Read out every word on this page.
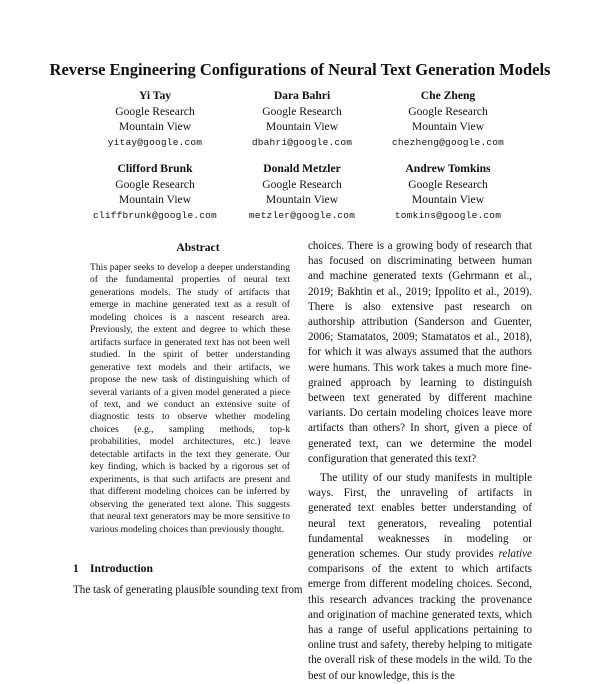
Reverse Engineering Configurations of Neural Text Generation Models
Yi Tay
Google Research
Mountain View
yitay@google.com
Dara Bahri
Google Research
Mountain View
dbahri@google.com
Che Zheng
Google Research
Mountain View
chezheng@google.com
Clifford Brunk
Google Research
Mountain View
cliffbrunk@google.com
Donald Metzler
Google Research
Mountain View
metzler@google.com
Andrew Tomkins
Google Research
Mountain View
tomkins@google.com
Abstract
This paper seeks to develop a deeper understanding of the fundamental properties of neural text generations models. The study of artifacts that emerge in machine generated text as a result of modeling choices is a nascent research area. Previously, the extent and degree to which these artifacts surface in generated text has not been well studied. In the spirit of better understanding generative text models and their artifacts, we propose the new task of distinguishing which of several variants of a given model generated a piece of text, and we conduct an extensive suite of diagnostic tests to observe whether modeling choices (e.g., sampling methods, top-k probabilities, model architectures, etc.) leave detectable artifacts in the text they generate. Our key finding, which is backed by a rigorous set of experiments, is that such artifacts are present and that different modeling choices can be inferred by observing the generated text alone. This suggests that neural text generators may be more sensitive to various modeling choices than previously thought.
1 Introduction
The task of generating plausible sounding text from

choices. There is a growing body of research that has focused on discriminating between human and machine generated texts (Gehrmann et al., 2019; Bakhtin et al., 2019; Ippolito et al., 2019). There is also extensive past research on authorship attribution (Sanderson and Guenter, 2006; Stamatatos, 2009; Stamatatos et al., 2018), for which it was always assumed that the authors were humans. This work takes a much more fine-grained approach by learning to distinguish between text generated by different machine variants. Do certain modeling choices leave more artifacts than others? In short, given a piece of generated text, can we determine the model configuration that generated this text?

The utility of our study manifests in multiple ways. First, the unraveling of artifacts in generated text enables better understanding of neural text generators, revealing potential fundamental weaknesses in modeling or generation schemes. Our study provides relative comparisons of the extent to which artifacts emerge from different modeling choices. Second, this research advances tracking the provenance and origination of machine generated texts, which has a range of useful applications pertaining to online trust and safety, thereby helping to mitigate the overall risk of these models in the wild. To the best of our knowledge, this is the
